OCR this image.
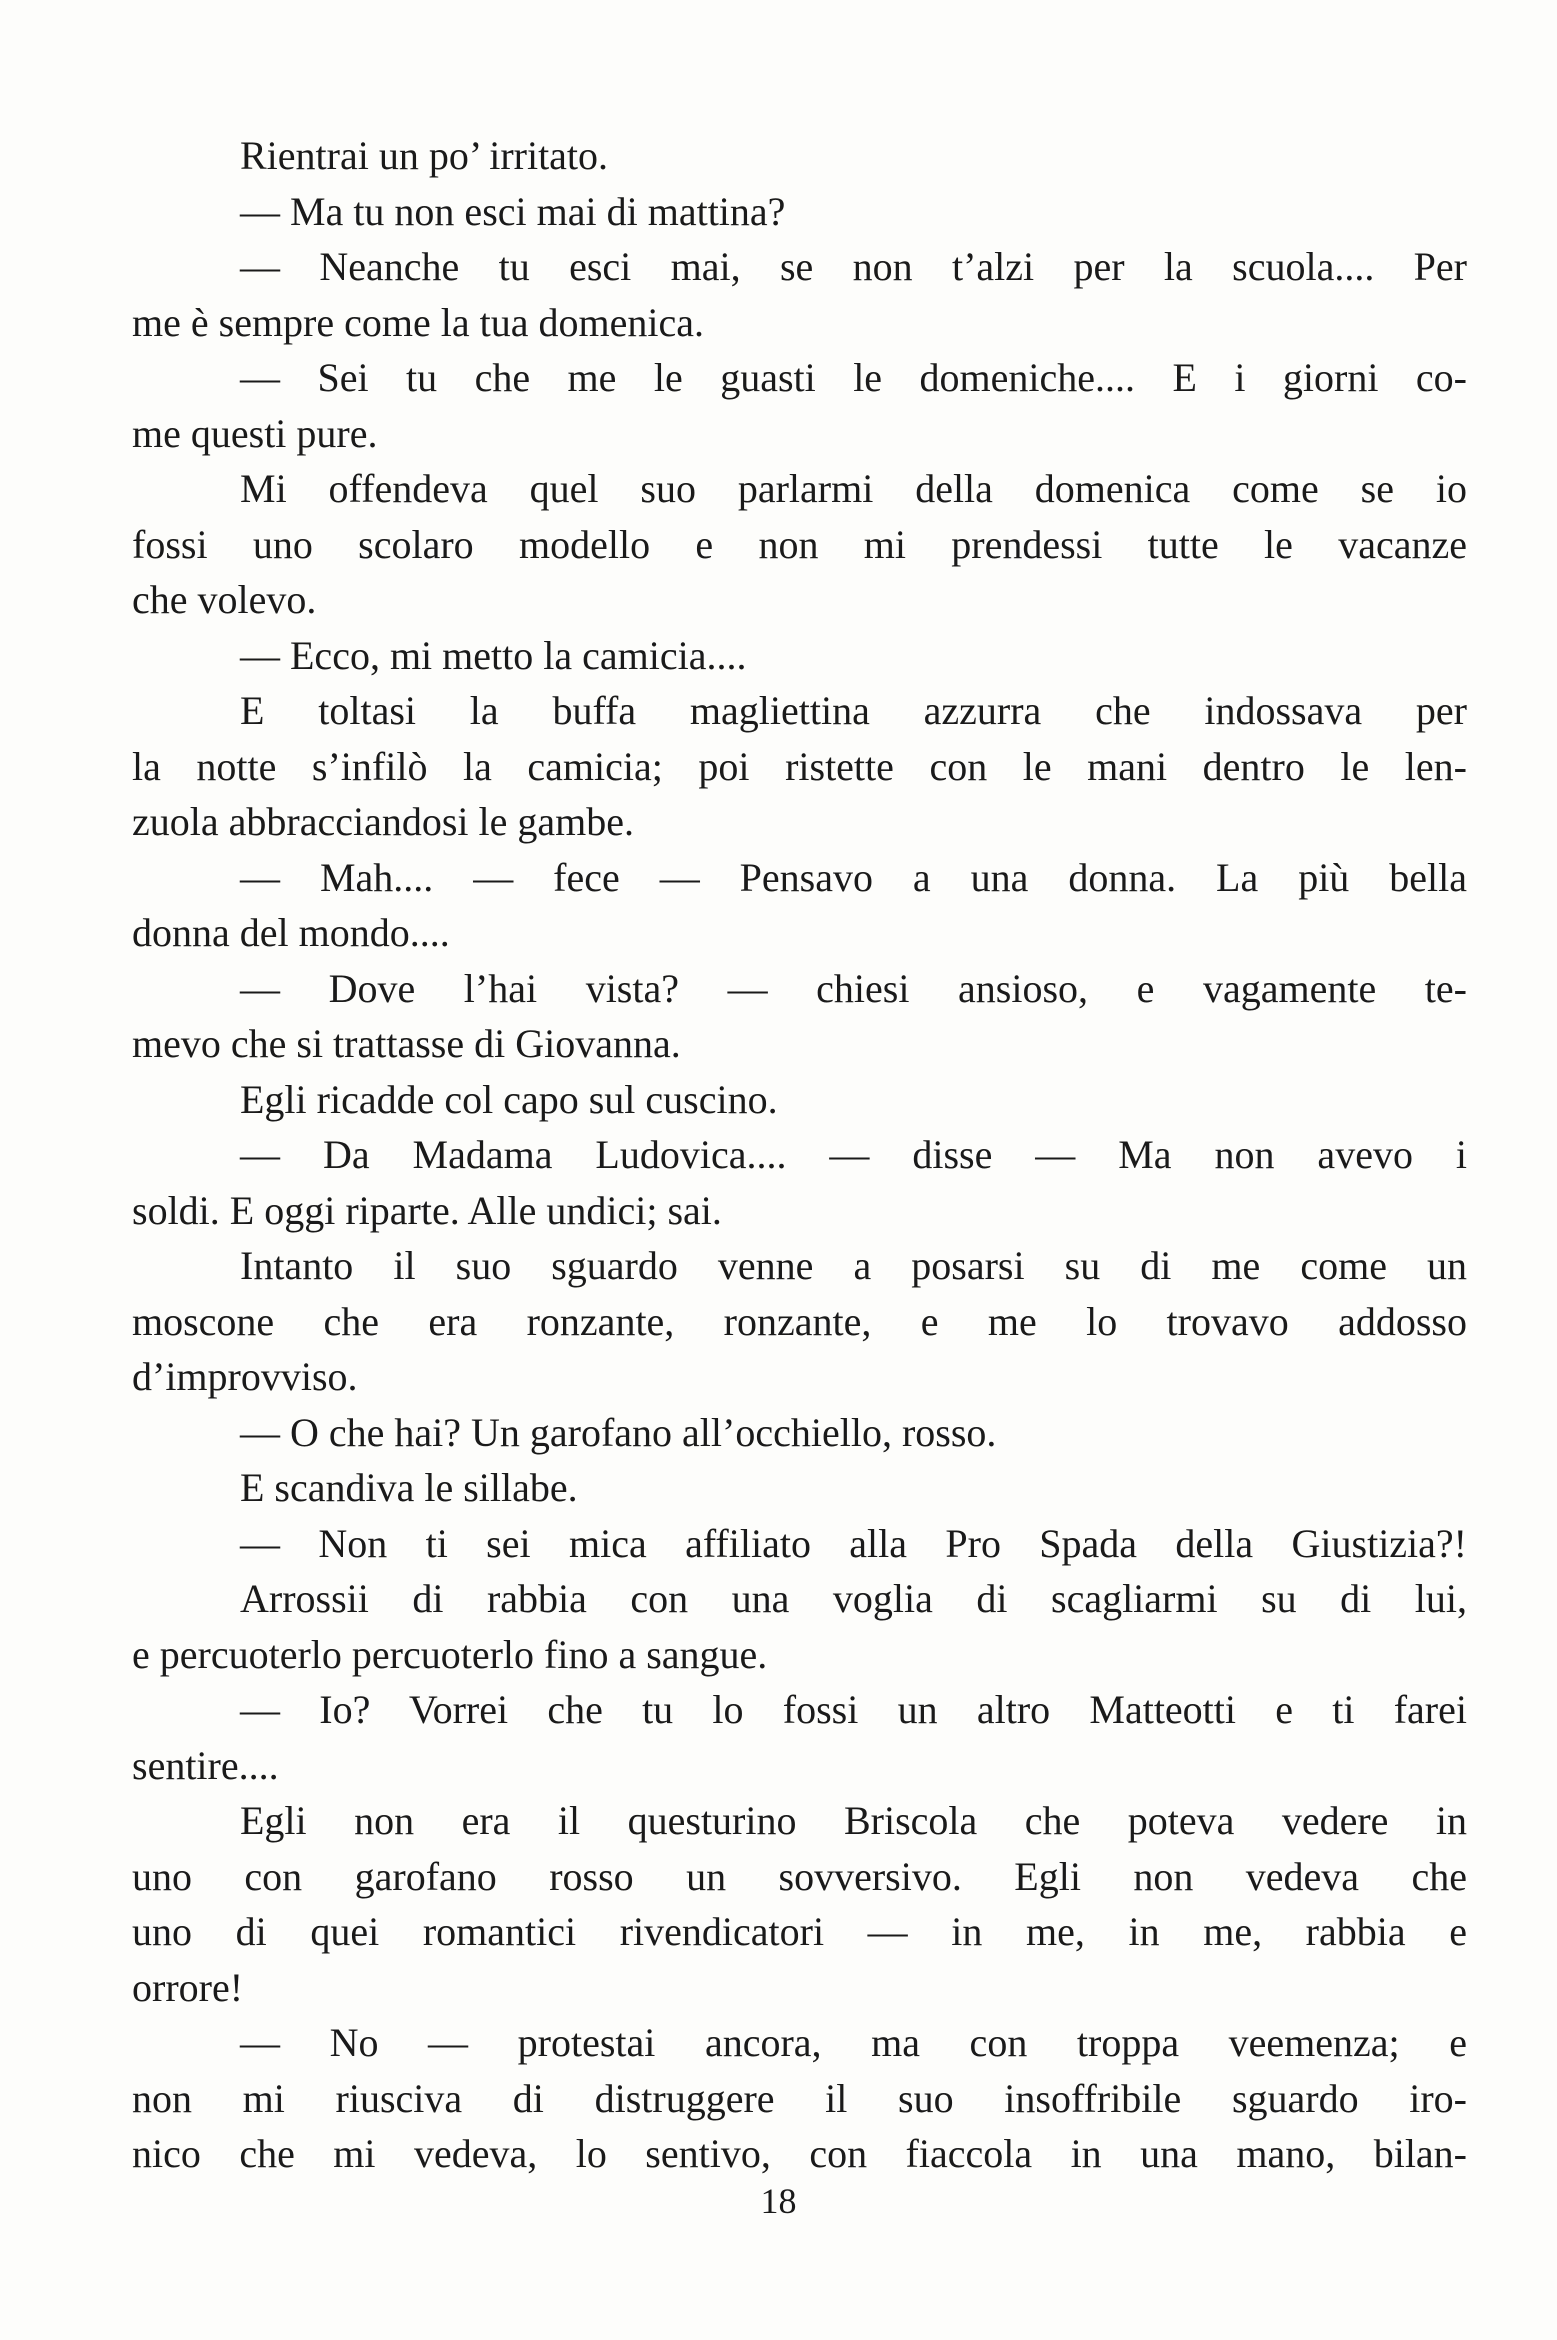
Rientrai un po’ irritato.
— Ma tu non esci mai di mattina?
— Neanche tu esci mai, se non t’alzi per la scuola.... Per
me è sempre come la tua domenica.
— Sei tu che me le guasti le domeniche.... E i giorni co-
me questi pure.
Mi offendeva quel suo parlarmi della domenica come se io
fossi uno scolaro modello e non mi prendessi tutte le vacanze
che volevo.
— Ecco, mi metto la camicia....
E toltasi la buffa magliettina azzurra che indossava per
la notte s’infilò la camicia; poi ristette con le mani dentro le len-
zuola abbracciandosi le gambe.
— Mah.... — fece — Pensavo a una donna. La più bella
donna del mondo....
— Dove l’hai vista? — chiesi ansioso, e vagamente te-
mevo che si trattasse di Giovanna.
Egli ricadde col capo sul cuscino.
— Da Madama Ludovica.... — disse — Ma non avevo i
soldi. E oggi riparte. Alle undici; sai.
Intanto il suo sguardo venne a posarsi su di me come un
moscone che era ronzante, ronzante, e me lo trovavo addosso
d’improvviso.
— O che hai? Un garofano all’occhiello, rosso.
E scandiva le sillabe.
— Non ti sei mica affiliato alla Pro Spada della Giustizia?!
Arrossii di rabbia con una voglia di scagliarmi su di lui,
e percuoterlo percuoterlo fino a sangue.
— Io? Vorrei che tu lo fossi un altro Matteotti e ti farei
sentire....
Egli non era il questurino Briscola che poteva vedere in
uno con garofano rosso un sovversivo. Egli non vedeva che
uno di quei romantici rivendicatori — in me, in me, rabbia e
orrore!
— No — protestai ancora, ma con troppa veemenza; e
non mi riusciva di distruggere il suo insoffribile sguardo iro-
nico che mi vedeva, lo sentivo, con fiaccola in una mano, bilan-
18
